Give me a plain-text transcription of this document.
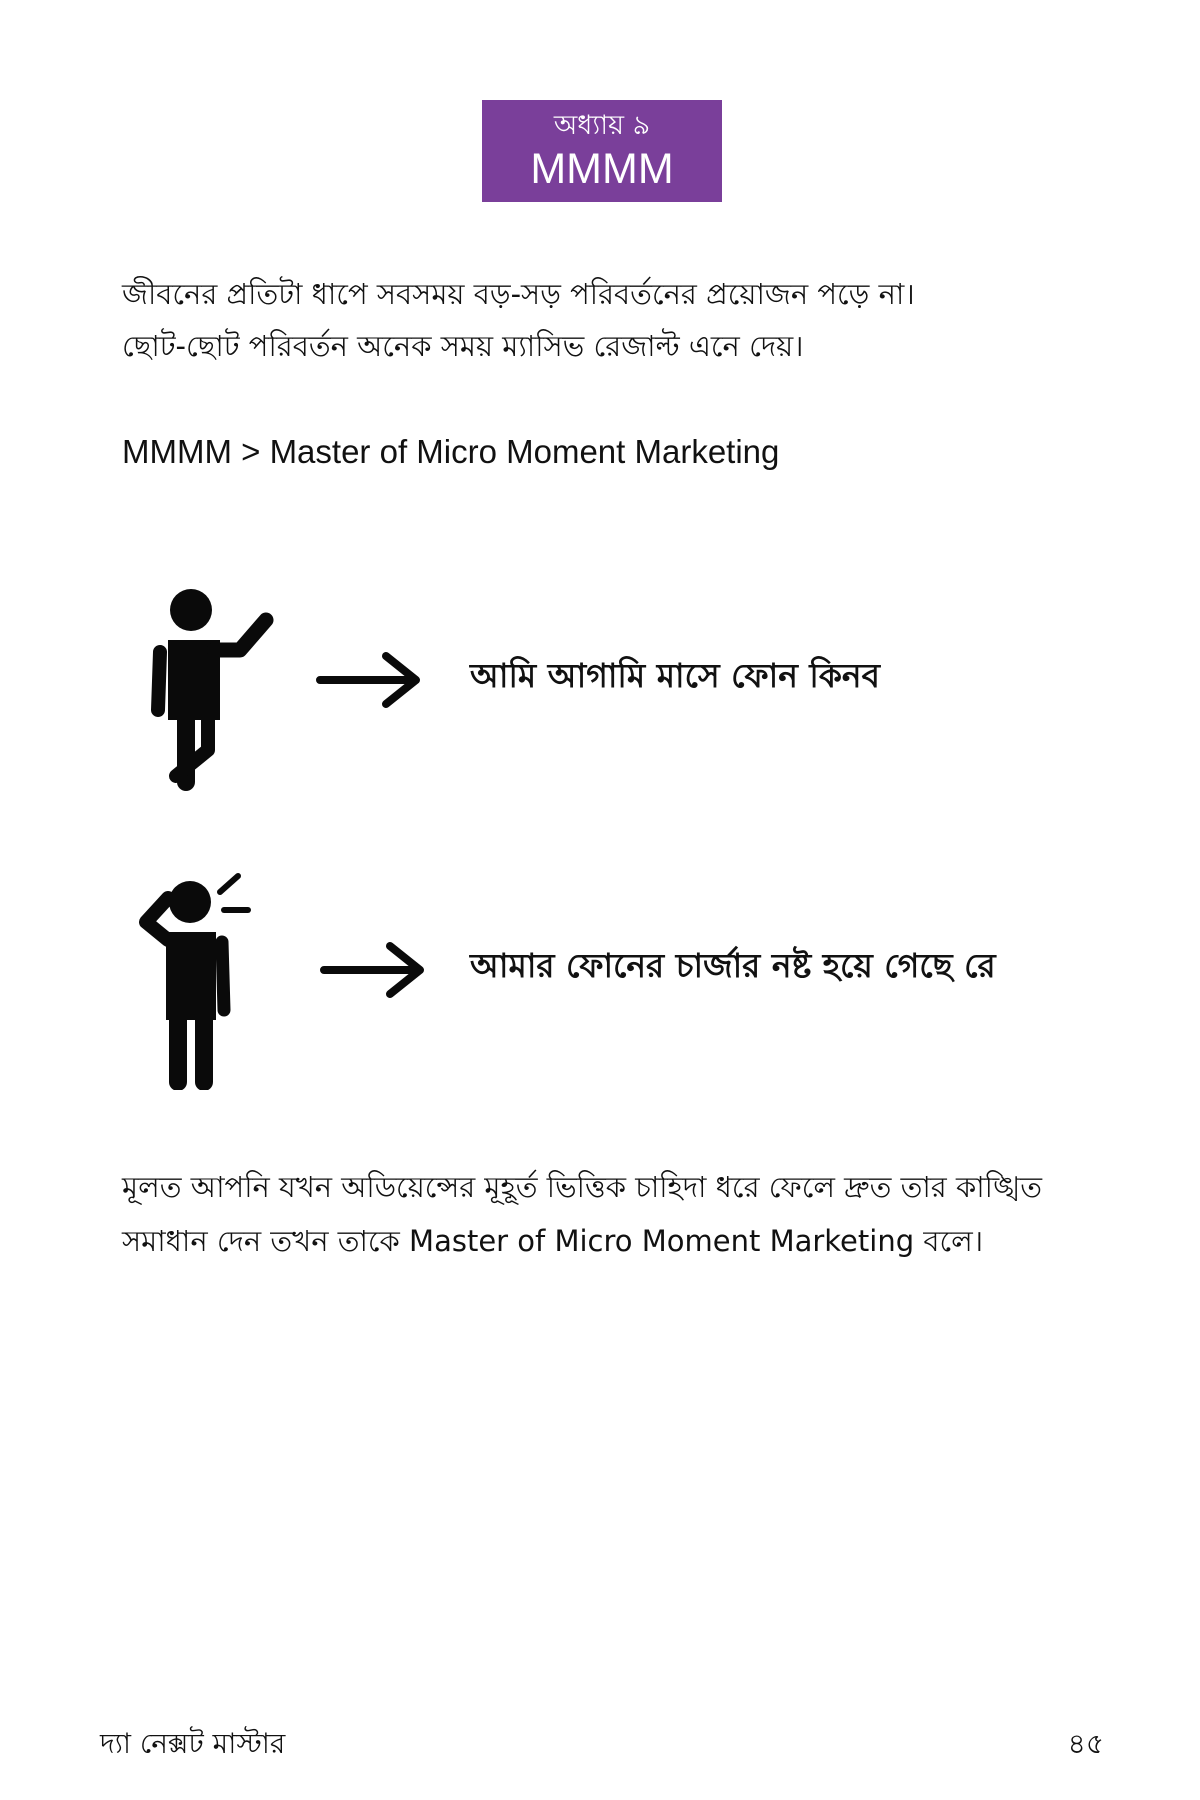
অধ্যায় ৯
MMMM
জীবনের প্রতিটা ধাপে সবসময় বড়-সড় পরিবর্তনের প্রয়োজন পড়ে না।
ছোট-ছোট পরিবর্তন অনেক সময় ম্যাসিভ রেজাল্ট এনে দেয়।
MMMM > Master of Micro Moment Marketing
আমি আগামি মাসে ফোন কিনব
আমার ফোনের চার্জার নষ্ট হয়ে গেছে রে
মূলত আপনি যখন অডিয়েন্সের মূহূর্ত ভিত্তিক চাহিদা ধরে ফেলে দ্রুত তার কাঙ্খিত
সমাধান দেন তখন তাকে Master of Micro Moment Marketing বলে।
দ্যা নেক্সট মাস্টার	৪৫
